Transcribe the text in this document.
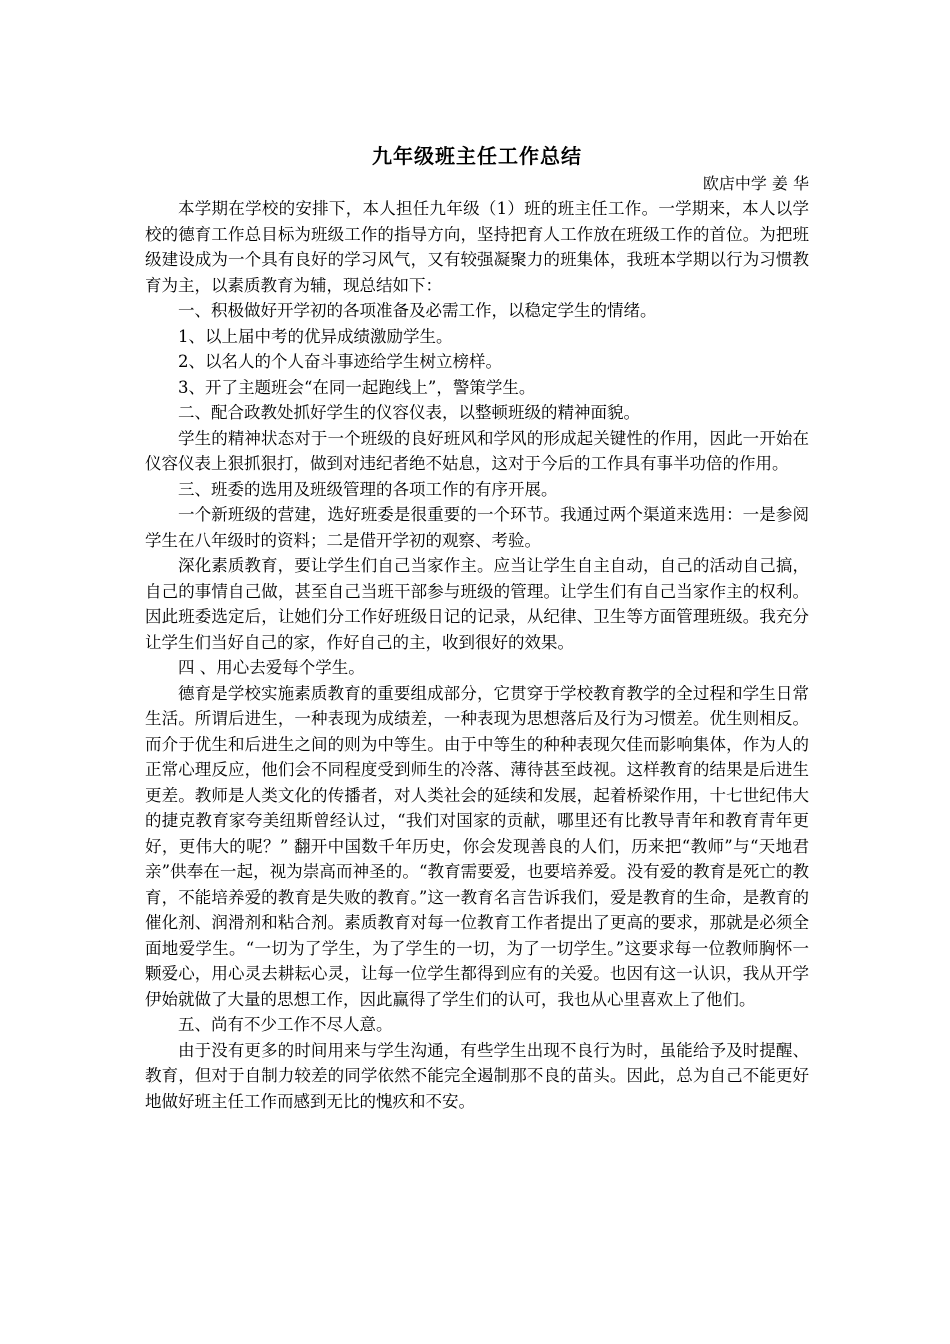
九年级班主任工作总结

欧店中学 姜 华

本学期在学校的安排下，本人担任九年级（1）班的班主任工作。一学期来，本人以学校的德育工作总目标为班级工作的指导方向，坚持把育人工作放在班级工作的首位。为把班级建设成为一个具有良好的学习风气，又有较强凝聚力的班集体，我班本学期以行为习惯教育为主，以素质教育为辅，现总结如下：

一、积极做好开学初的各项准备及必需工作，以稳定学生的情绪。

1、以上届中考的优异成绩激励学生。

2、以名人的个人奋斗事迹给学生树立榜样。

3、开了主题班会“在同一起跑线上”，警策学生。

二、配合政教处抓好学生的仪容仪表，以整顿班级的精神面貌。

学生的精神状态对于一个班级的良好班风和学风的形成起关键性的作用，因此一开始在仪容仪表上狠抓狠打，做到对违纪者绝不姑息，这对于今后的工作具有事半功倍的作用。

三、班委的选用及班级管理的各项工作的有序开展。

一个新班级的营建，选好班委是很重要的一个环节。我通过两个渠道来选用：一是参阅学生在八年级时的资料；二是借开学初的观察、考验。

深化素质教育，要让学生们自己当家作主。应当让学生自主自动，自己的活动自己搞，自己的事情自己做，甚至自己当班干部参与班级的管理。让学生们有自己当家作主的权利。因此班委选定后，让她们分工作好班级日记的记录，从纪律、卫生等方面管理班级。我充分让学生们当好自己的家，作好自己的主，收到很好的效果。

四 、用心去爱每个学生。

德育是学校实施素质教育的重要组成部分，它贯穿于学校教育教学的全过程和学生日常生活。所谓后进生，一种表现为成绩差，一种表现为思想落后及行为习惯差。优生则相反。而介于优生和后进生之间的则为中等生。由于中等生的种种表现欠佳而影响集体，作为人的正常心理反应，他们会不同程度受到师生的冷落、薄待甚至歧视。这样教育的结果是后进生更差。教师是人类文化的传播者，对人类社会的延续和发展，起着桥梁作用，十七世纪伟大的捷克教育家夸美纽斯曾经认过，“我们对国家的贡献，哪里还有比教导青年和教育青年更好，更伟大的呢？” 翻开中国数千年历史，你会发现善良的人们，历来把“教师”与“天地君亲”供奉在一起，视为崇高而神圣的。“教育需要爱，也要培养爱。没有爱的教育是死亡的教育，不能培养爱的教育是失败的教育。”这一教育名言告诉我们，爱是教育的生命，是教育的催化剂、润滑剂和粘合剂。素质教育对每一位教育工作者提出了更高的要求，那就是必须全面地爱学生。“一切为了学生，为了学生的一切，为了一切学生。”这要求每一位教师胸怀一颗爱心，用心灵去耕耘心灵，让每一位学生都得到应有的关爱。也因有这一认识，我从开学伊始就做了大量的思想工作，因此赢得了学生们的认可，我也从心里喜欢上了他们。

五、尚有不少工作不尽人意。

由于没有更多的时间用来与学生沟通，有些学生出现不良行为时，虽能给予及时提醒、教育，但对于自制力较差的同学依然不能完全遏制那不良的苗头。因此，总为自己不能更好地做好班主任工作而感到无比的愧疚和不安。
